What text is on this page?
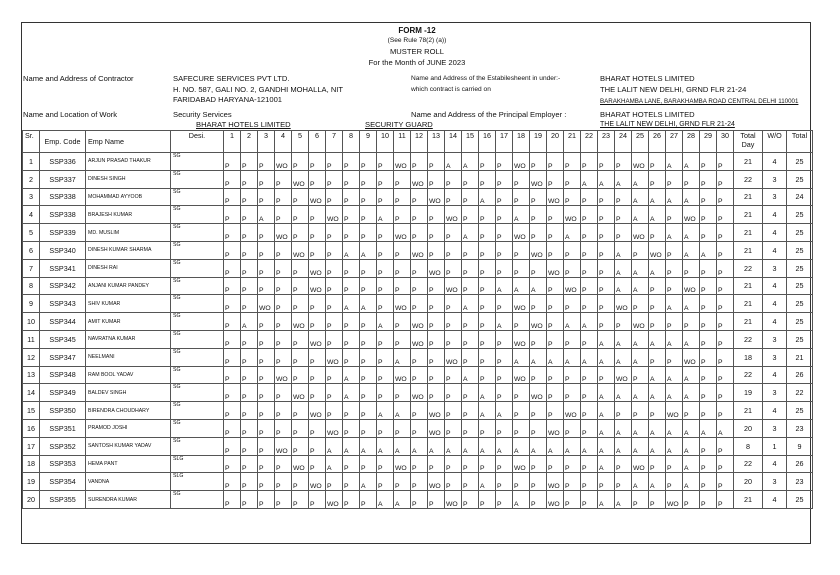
FORM -12
(See Rule 78(2) (a))
MUSTER ROLL
For the Month of JUNE 2023
Name and Address of Contractor	SAFECURE SERVICES PVT LTD.
H. NO. 587, GALI NO. 2, GANDHI MOHALLA, NIT
FARIDABAD HARYANA-121001
Name and Address of the Estabilesheent in under:-
which contract is carried on
BHARAT HOTELS LIMITED
THE LALIT NEW DELHI, GRND FLR 21-24
BARAKHAMBA LANE, BARAKHAMBA ROAD CENTRAL DELHI 110001
Name and Location of Work	Security Services
BHARAT HOTELS LIMITED
Name and Address of the Principal Employer :	BHARAT HOTELS LIMITED
THE LALIT NEW DELHI, GRND FLR 21-24
SECURITY GUARD
Sr.	Emp. Code	Emp Name	Desi.	1	2	3	4	5	6	7	8	9	10	11	12	13	14	15	16	17	18	19	20	21	22	23	24	25	26	27	28	29	30	Total Day	W/O	Total
1	SSP336	ARJUN PRASAD THAKUR	SG	P	P	P	WO	P	P	P	P	P	P	WO	P	P	A	A	P	P	WO	P	P	P	P	P	P	WO	P	A	A	P	P	21	4	25
2	SSP337	DINESH SINGH	SG	P	P	P	P	WO	P	P	P	P	P	P	WO	P	P	P	P	P	P	WO	P	P	A	A	A	A	P	P	P	P	P	22	3	25
3	SSP338	MOHAMMAD AYYOOB	SG	P	P	P	P	P	WO	P	P	P	P	P	P	WO	P	P	A	P	P	P	WO	P	P	P	P	A	A	A	A	P	P	21	3	24
4	SSP338	BRAJESH KUMAR	SG	P	P	A	P	P	P	WO	P	P	A	P	P	P	WO	P	P	P	A	P	P	WO	P	P	P	A	A	P	WO	P	P	21	4	25
5	SSP339	MD. MUSLIM	SG	P	P	P	WO	P	P	P	P	P	P	WO	P	P	P	A	P	P	WO	P	P	A	P	P	P	WO	P	A	A	P	P	21	4	25
6	SSP340	DINESH KUMAR SHARMA	SG	P	P	P	P	WO	P	P	A	A	P	P	WO	P	P	P	P	P	P	WO	P	P	P	P	A	P	WO	P	A	A	P	21	4	25
7	SSP341	DINESH RAI	SG	P	P	P	P	P	WO	P	P	P	P	P	P	WO	P	P	P	P	P	P	WO	P	P	P	A	A	A	P	P	P	P	22	3	25
8	SSP342	ANJANI KUMAR PANDEY	SG	P	P	P	P	P	WO	P	P	P	P	P	P	P	WO	P	P	A	A	A	P	WO	P	P	A	A	P	P	WO	P	P	21	4	25
9	SSP343	SHIV KUMAR	SG	P	P	WO	P	P	P	P	A	A	P	WO	P	P	P	A	P	P	WO	P	P	P	P	P	WO	P	P	A	A	P	P	21	4	25
10	SSP344	AMIT KUMAR	SG	P	A	P	P	WO	P	P	P	P	A	P	WO	P	P	P	P	A	P	WO	P	A	A	P	P	WO	P	P	P	P	P	21	4	25
11	SSP345	NAVRATNA KUMAR	SG	P	P	P	P	P	WO	P	P	P	P	P	WO	P	P	P	P	P	WO	P	P	P	P	A	A	A	A	A	A	P	P	22	3	25
12	SSP347	NEELMANI	SG	P	P	P	P	P	P	WO	P	P	P	A	P	P	WO	P	P	P	A	A	A	A	A	A	A	A	P	P	WO	P	P	18	3	21
13	SSP348	RAM BOOL YADAV	SG	P	P	P	WO	P	P	P	A	P	P	WO	P	P	P	A	P	P	WO	P	P	P	P	P	WO	P	A	A	A	P	P	22	4	26
14	SSP349	BALDEV SINGH	SG	P	P	P	P	WO	P	P	A	P	P	P	WO	P	P	P	A	P	P	WO	P	P	P	A	A	A	A	A	A	P	P	19	3	22
15	SSP350	BIRENDRA CHOUDHARY	SG	P	P	P	P	P	WO	P	P	P	A	A	P	WO	P	P	A	A	P	P	P	WO	P	A	P	P	P	WO	P	P	P	21	4	25
16	SSP351	PRAMOD JOSHI	SG	P	P	P	P	P	P	WO	P	P	P	P	P	WO	P	P	P	P	P	P	WO	P	P	A	A	A	A	A	A	A	A	20	3	23
17	SSP352	SANTOSH KUMAR YADAV	SG	P	P	P	WO	P	P	A	A	A	A	A	A	A	A	A	A	A	A	A	A	A	A	A	A	A	A	A	A	P	P	8	1	9
18	SSP353	HEMA PANT	SLG	P	P	P	P	WO	P	A	P	P	P	WO	P	P	P	P	P	P	WO	P	P	P	P	A	P	WO	P	P	A	P	P	22	4	26
19	SSP354	VANDNA	SLG	P	P	P	P	P	WO	P	P	A	P	P	P	WO	P	P	A	P	P	P	WO	P	P	P	P	A	A	P	A	P	P	20	3	23
20	SSP355	SURENDRA KUMAR	SG	P	P	P	P	P	P	WO	P	P	A	A	P	P	WO	P	P	P	A	P	WO	P	P	A	A	P	P	WO	P	P	P	21	4	25
